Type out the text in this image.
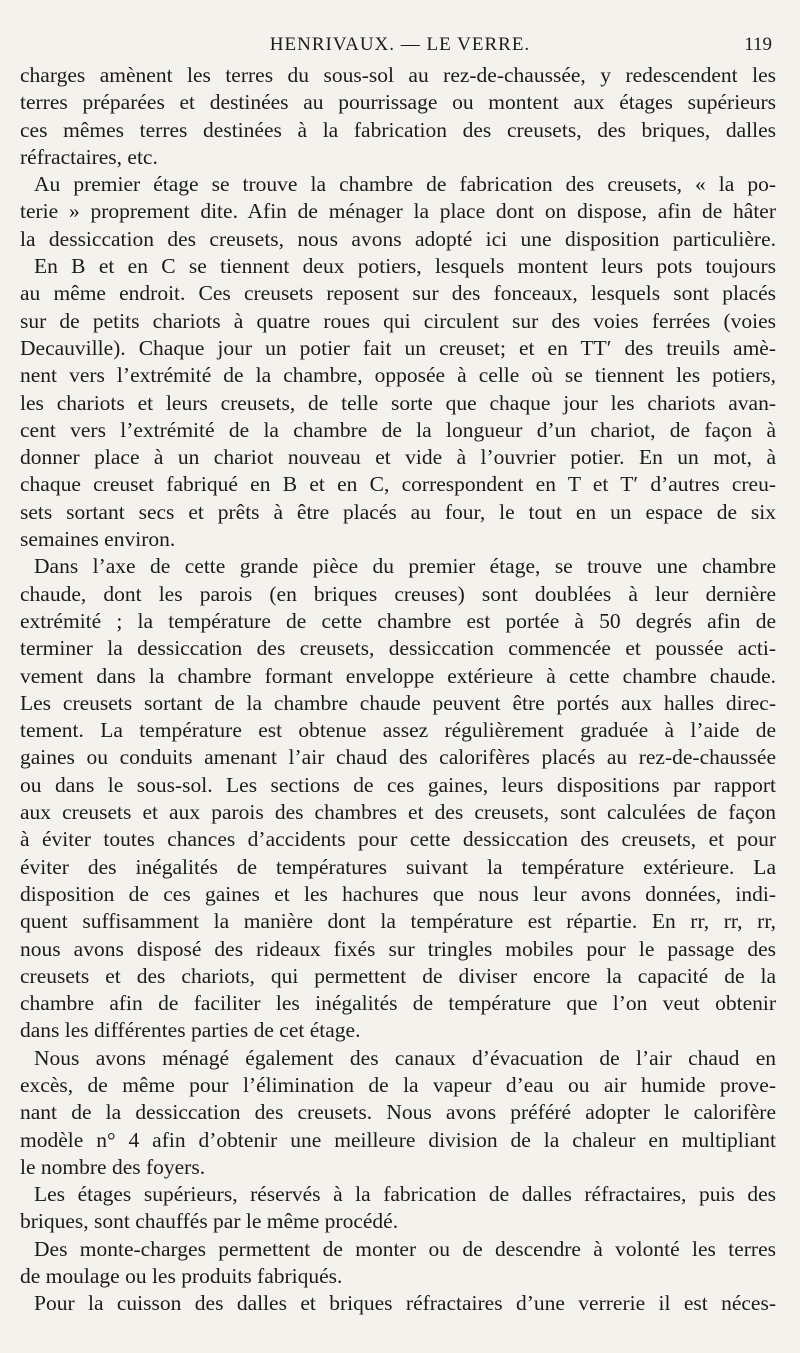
HENRIVAUX. — LE VERRE.	119

charges amènent les terres du sous-sol au rez-de-chaussée, y redescendent les

terres préparées et destinées au pourrissage ou montent aux étages supérieurs

ces mêmes terres destinées à la fabrication des creusets, des briques, dalles

réfractaires, etc.

Au premier étage se trouve la chambre de fabrication des creusets, « la po-

terie » proprement dite. Afin de ménager la place dont on dispose, afin de hâter

la dessiccation des creusets, nous avons adopté ici une disposition particulière.

En B et en C se tiennent deux potiers, lesquels montent leurs pots toujours

au même endroit. Ces creusets reposent sur des fonceaux, lesquels sont placés

sur de petits chariots à quatre roues qui circulent sur des voies ferrées (voies

Decauville). Chaque jour un potier fait un creuset; et en TT′ des treuils amè-

nent vers l’extrémité de la chambre, opposée à celle où se tiennent les potiers,

les chariots et leurs creusets, de telle sorte que chaque jour les chariots avan-

cent vers l’extrémité de la chambre de la longueur d’un chariot, de façon à

donner place à un chariot nouveau et vide à l’ouvrier potier. En un mot, à

chaque creuset fabriqué en B et en C, correspondent en T et T′ d’autres creu-

sets sortant secs et prêts à être placés au four, le tout en un espace de six

semaines environ.

Dans l’axe de cette grande pièce du premier étage, se trouve une chambre

chaude, dont les parois (en briques creuses) sont doublées à leur dernière

extrémité ; la température de cette chambre est portée à 50 degrés afin de

terminer la dessiccation des creusets, dessiccation commencée et poussée acti-

vement dans la chambre formant enveloppe extérieure à cette chambre chaude.

Les creusets sortant de la chambre chaude peuvent être portés aux halles direc-

tement. La température est obtenue assez régulièrement graduée à l’aide de

gaines ou conduits amenant l’air chaud des calorifères placés au rez-de-chaussée

ou dans le sous-sol. Les sections de ces gaines, leurs dispositions par rapport

aux creusets et aux parois des chambres et des creusets, sont calculées de façon

à éviter toutes chances d’accidents pour cette dessiccation des creusets, et pour

éviter des inégalités de températures suivant la température extérieure. La

disposition de ces gaines et les hachures que nous leur avons données, indi-

quent suffisamment la manière dont la température est répartie. En rr, rr, rr,

nous avons disposé des rideaux fixés sur tringles mobiles pour le passage des

creusets et des chariots, qui permettent de diviser encore la capacité de la

chambre afin de faciliter les inégalités de température que l’on veut obtenir

dans les différentes parties de cet étage.

Nous avons ménagé également des canaux d’évacuation de l’air chaud en

excès, de même pour l’élimination de la vapeur d’eau ou air humide prove-

nant de la dessiccation des creusets. Nous avons préféré adopter le calorifère

modèle n° 4 afin d’obtenir une meilleure division de la chaleur en multipliant

le nombre des foyers.

Les étages supérieurs, réservés à la fabrication de dalles réfractaires, puis des

briques, sont chauffés par le même procédé.

Des monte-charges permettent de monter ou de descendre à volonté les terres

de moulage ou les produits fabriqués.

Pour la cuisson des dalles et briques réfractaires d’une verrerie il est néces-
